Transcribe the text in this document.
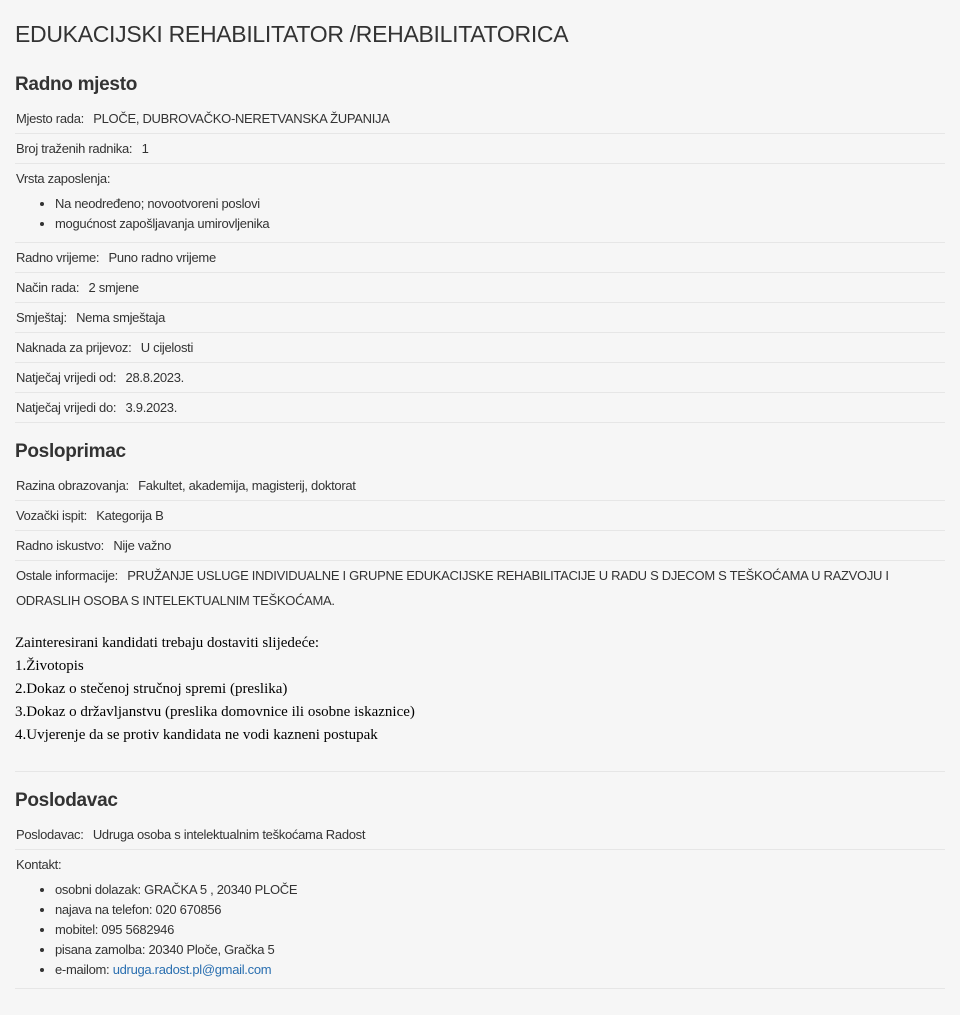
EDUKACIJSKI REHABILITATOR /REHABILITATORICA
Radno mjesto
Mjesto rada: PLOČE, DUBROVAČKO-NERETVANSKA ŽUPANIJA
Broj traženih radnika: 1
Vrsta zaposlenja:
• Na neodređeno; novootvoreni poslovi
• mogućnost zapošljavanja umirovljenika
Radno vrijeme: Puno radno vrijeme
Način rada: 2 smjene
Smještaj: Nema smještaja
Naknada za prijevoz: U cijelosti
Natječaj vrijedi od: 28.8.2023.
Natječaj vrijedi do: 3.9.2023.
Posloprimac
Razina obrazovanja: Fakultet, akademija, magisterij, doktorat
Vozački ispit: Kategorija B
Radno iskustvo: Nije važno
Ostale informacije: PRUŽANJE USLUGE INDIVIDUALNE I GRUPNE EDUKACIJSKE REHABILITACIJE U RADU S DJECOM S TEŠKOĆAMA U RAZVOJU I ODRASLIH OSOBA S INTELEKTUALNIM TEŠKOĆAMA.
Zainteresirani kandidati trebaju dostaviti slijedeće:
1.Životopis
2.Dokaz o stečenoj stručnoj spremi (preslika)
3.Dokaz o državljanstvu (preslika domovnice ili osobne iskaznice)
4.Uvjerenje da se protiv kandidata ne vodi kazneni postupak
Poslodavac
Poslodavac: Udruga osoba s intelektualnim teškoćama Radost
Kontakt:
• osobni dolazak: GRAČKA 5 , 20340 PLOČE
• najava na telefon: 020 670856
• mobitel: 095 5682946
• pisana zamolba: 20340 Ploče, Gračka 5
• e-mailom: udruga.radost.pl@gmail.com
